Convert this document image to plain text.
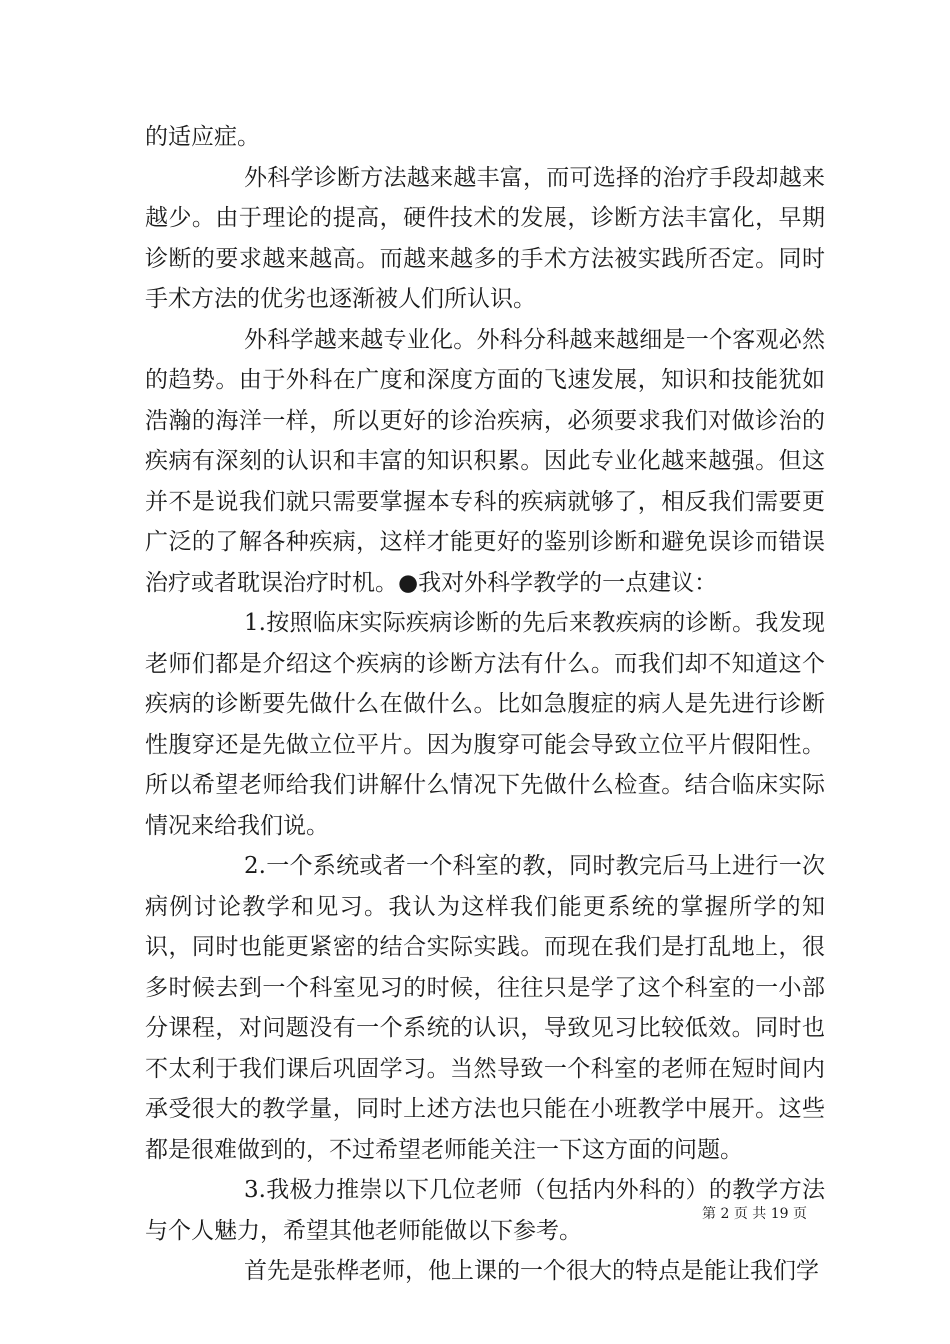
的适应症。

外科学诊断方法越来越丰富，而可选择的治疗手段却越来越少。由于理论的提高，硬件技术的发展，诊断方法丰富化，早期诊断的要求越来越高。而越来越多的手术方法被实践所否定。同时手术方法的优劣也逐渐被人们所认识。

外科学越来越专业化。外科分科越来越细是一个客观必然的趋势。由于外科在广度和深度方面的飞速发展，知识和技能犹如浩瀚的海洋一样，所以更好的诊治疾病，必须要求我们对做诊治的疾病有深刻的认识和丰富的知识积累。因此专业化越来越强。但这并不是说我们就只需要掌握本专科的疾病就够了，相反我们需要更广泛的了解各种疾病，这样才能更好的鉴别诊断和避免误诊而错误治疗或者耽误治疗时机。●我对外科学教学的一点建议：

1.按照临床实际疾病诊断的先后来教疾病的诊断。我发现老师们都是介绍这个疾病的诊断方法有什么。而我们却不知道这个疾病的诊断要先做什么在做什么。比如急腹症的病人是先进行诊断性腹穿还是先做立位平片。因为腹穿可能会导致立位平片假阳性。所以希望老师给我们讲解什么情况下先做什么检查。结合临床实际情况来给我们说。

2.一个系统或者一个科室的教，同时教完后马上进行一次病例讨论教学和见习。我认为这样我们能更系统的掌握所学的知识，同时也能更紧密的结合实际实践。而现在我们是打乱地上，很多时候去到一个科室见习的时候，往往只是学了这个科室的一小部分课程，对问题没有一个系统的认识，导致见习比较低效。同时也不太利于我们课后巩固学习。当然导致一个科室的老师在短时间内承受很大的教学量，同时上述方法也只能在小班教学中展开。这些都是很难做到的，不过希望老师能关注一下这方面的问题。

3.我极力推崇以下几位老师（包括内外科的）的教学方法与个人魅力，希望其他老师能做以下参考。

首先是张桦老师，他上课的一个很大的特点是能让我们学

第 2 页 共 19 页
